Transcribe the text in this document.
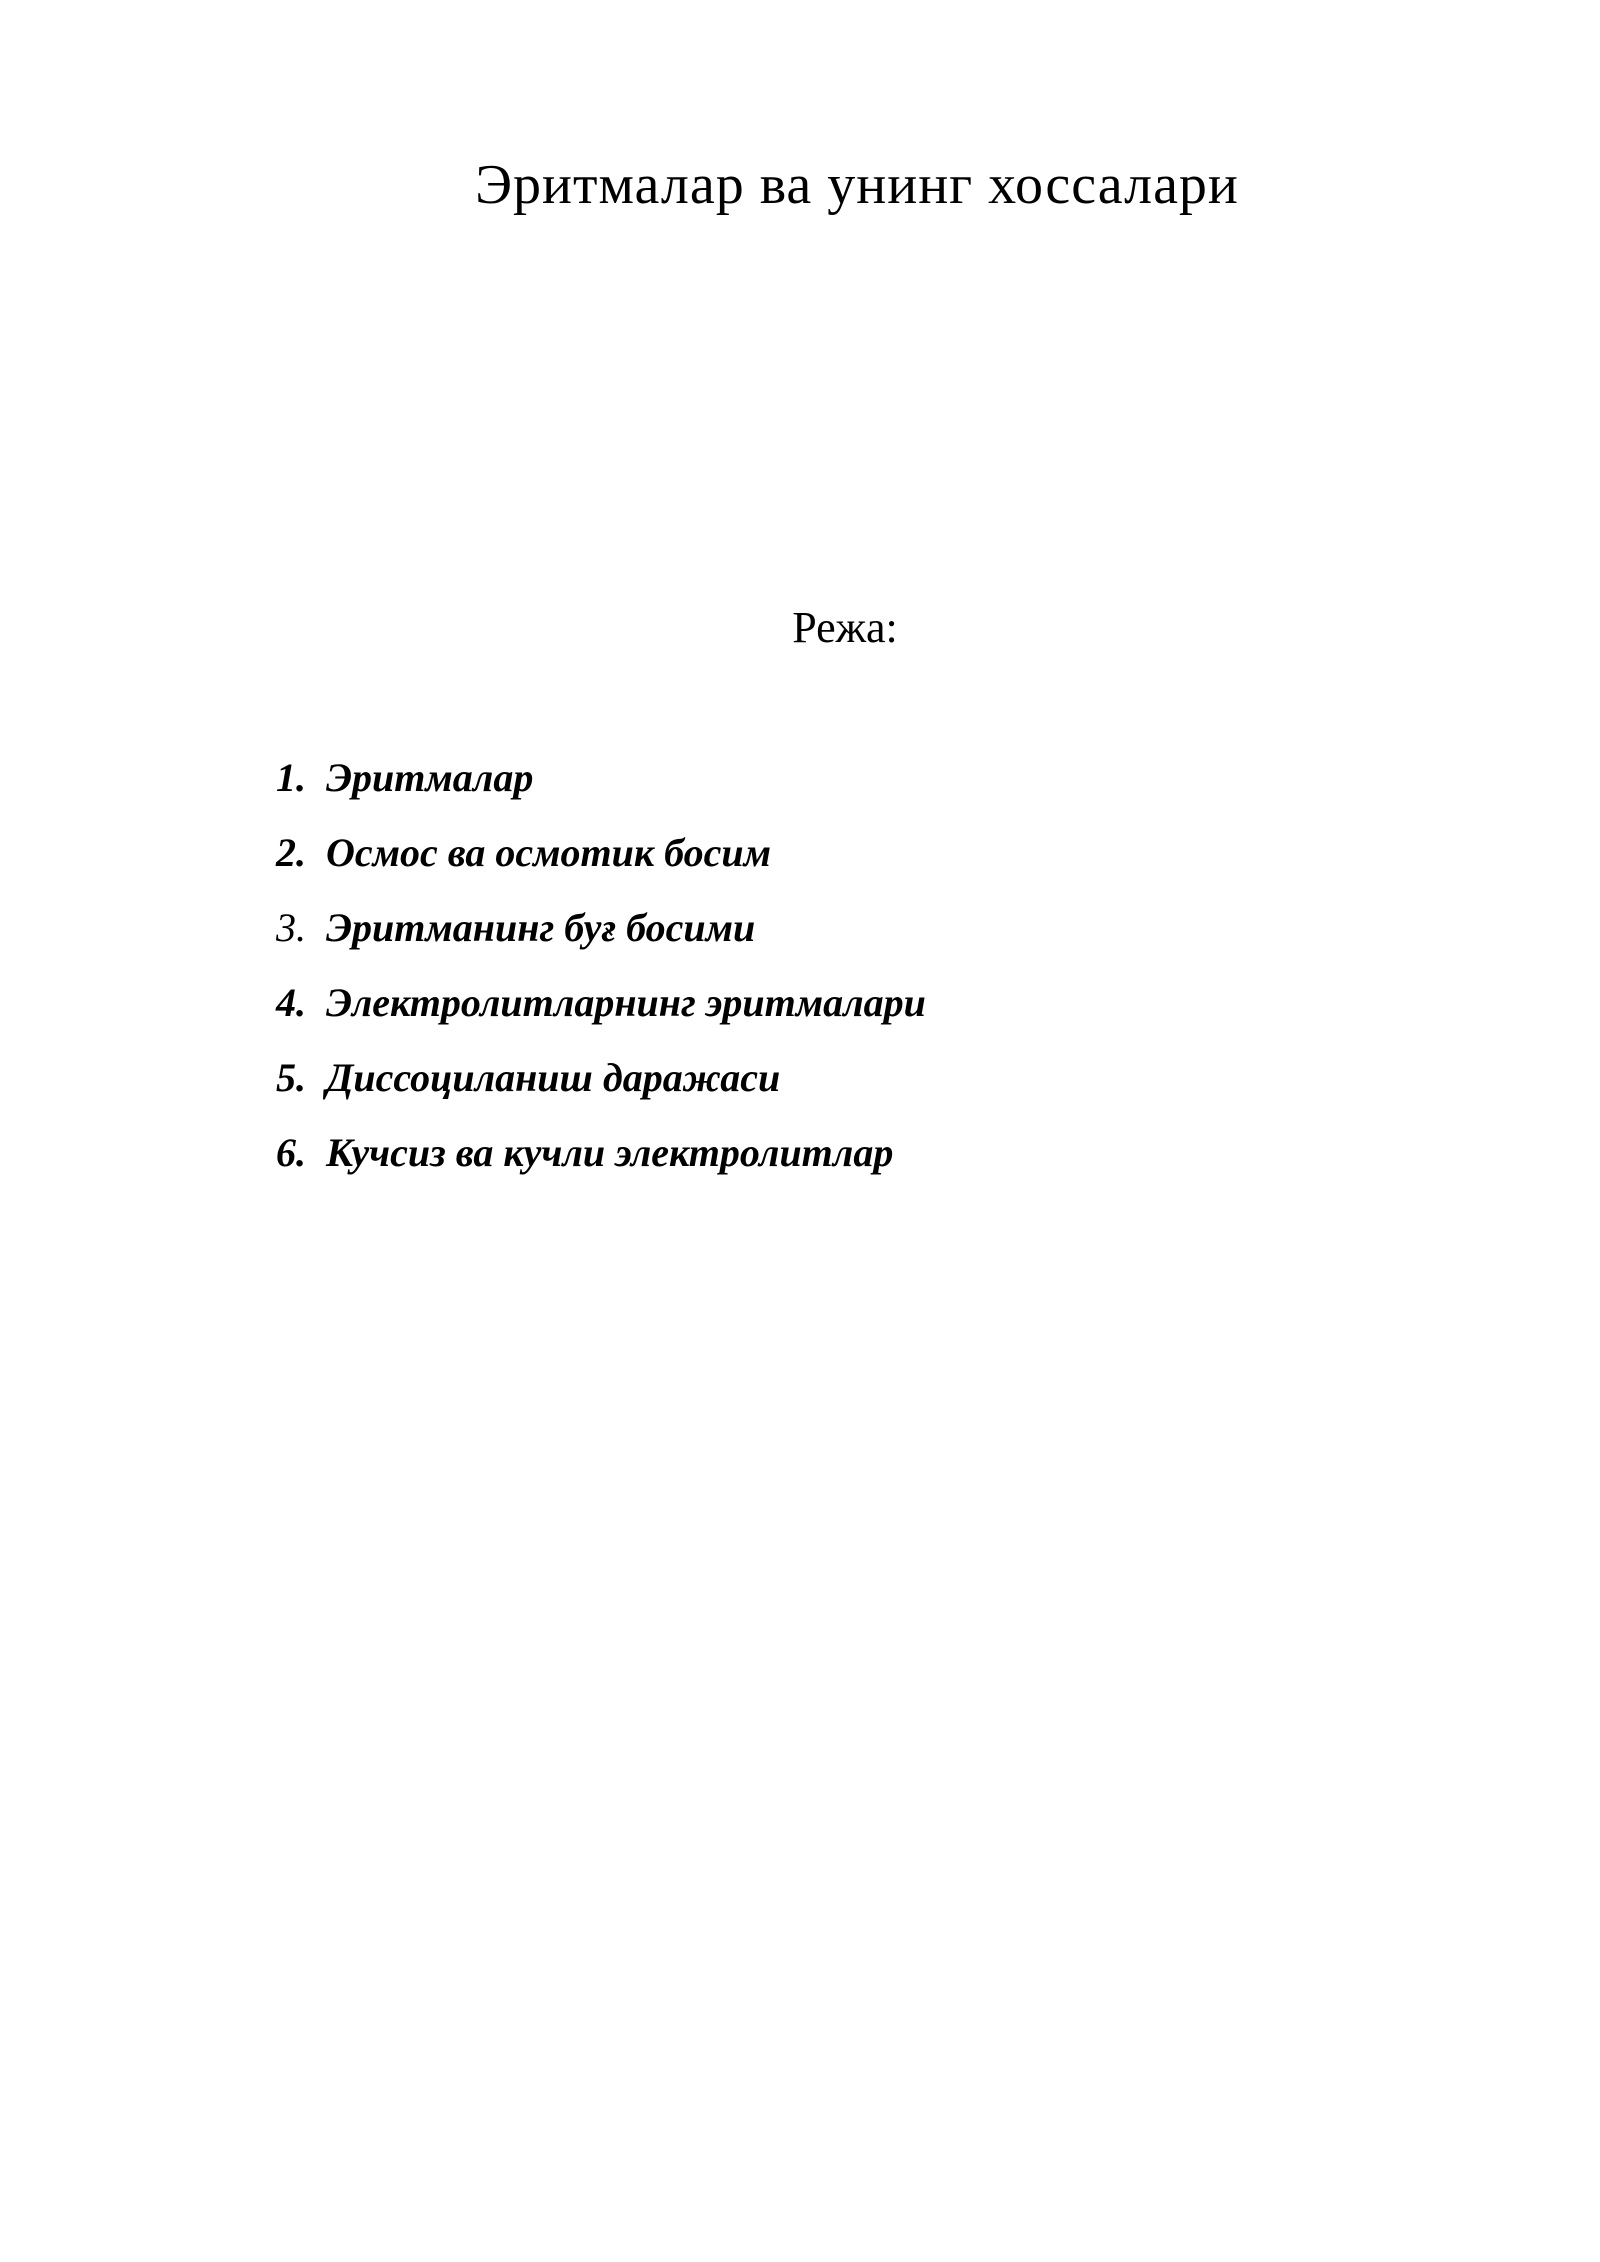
Эритмалар ва унинг хоссалари
Режа:
1. Эритмалар
2. Осмос ва осмотик босим
3. Эритманинг буғ босими
4. Электролитларнинг эритмалари
5. Диссоциланиш даражаси
6. Кучсиз ва кучли электролитлар
